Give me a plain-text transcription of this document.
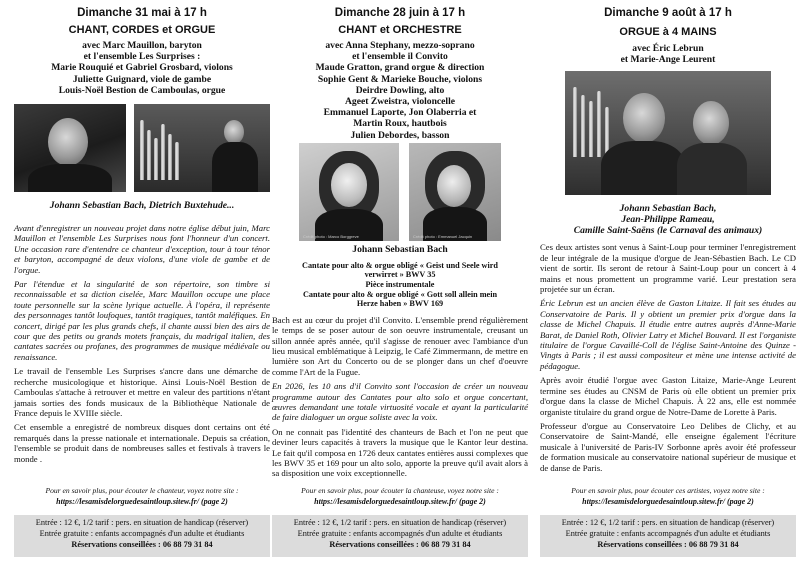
Dimanche 31 mai à 17 h
CHANT, CORDES et ORGUE
avec Marc Mauillon, baryton
et l'ensemble Les Surprises :
Marie Rouquié et Gabriel Grosbard, violons
Juliette Guignard, viole de gambe
Louis-Noël Bestion de Camboulas, orgue
Johann Sebastian Bach, Dietrich Buxtehude...

Avant d'enregistrer un nouveau projet dans notre église début juin, Marc Mauillon et l'ensemble Les Surprises nous font l'honneur d'un concert. Une occasion rare d'entendre ce chanteur d'exception, tour à tour ténor et baryton, accompagné de deux violons, d'une viole de gambe et de l'orgue.

Par l'étendue et la singularité de son répertoire, son timbre si reconnaissable et sa diction ciselée, Marc Mauillon occupe une place toute personnelle sur la scène lyrique actuelle. À l'opéra, il représente des personnages tantôt loufoques, tantôt tragiques, tantôt maléfiques. En concert, dirigé par les plus grands chefs, il chante aussi bien des airs de cour que des petits ou grands motets français, du madrigal italien, des cantates sacrées ou profanes, des programmes de musique médiévale ou renaissance.

Le travail de l'ensemble Les Surprises s'ancre dans une démarche de recherche musicologique et historique. Ainsi Louis-Noël Bestion de Camboulas s'attache à retrouver et mettre en valeur des partitions n'étant jamais sorties des fonds musicaux de la Bibliothèque Nationale de France depuis le XVIIIe siècle.

Cet ensemble a enregistré de nombreux disques dont certains ont été remarqués dans la presse nationale et internationale. Depuis sa création, l'ensemble se produit dans de nombreuses salles et festivals à travers le monde .

Pour en savoir plus, pour écouter le chanteur, voyez notre site :
https://lesamisdelorguedesaintloup.sitew.fr/ (page 2)
Entrée : 12 €, 1/2 tarif : pers. en situation de handicap (réserver)
Entrée gratuite : enfants accompagnés d'un adulte et étudiants
Réservations conseillées : 06 88 79 31 84
Dimanche 28 juin à 17 h
CHANT et ORCHESTRE
avec Anna Stephany, mezzo-soprano
et l'ensemble il Convito
Maude Gratton, grand orgue & direction
Sophie Gent & Marieke Bouche, violons
Deirdre Dowling, alto
Ageet Zweistra, violoncelle
Emmanuel Laporte, Jon Olaberria et
Martin Roux, hautbois
Julien Debordes, basson
Crédit photo : Marco Borggreve	Crédit photo : Emmanuel Jacquin
Johann Sebastian Bach
Cantate pour alto & orgue obligé « Geist und Seele wird
verwirret » BWV 35
Pièce instrumentale
Cantate pour alto & orgue obligé « Gott soll allein mein
Herze haben » BWV 169

Bach est au cœur du projet d'il Convito. L'ensemble prend régulièrement le temps de se poser autour de son oeuvre instrumentale, creusant un sillon année après année, qu'il s'agisse de renouer avec l'ambiance d'un lieu musical emblématique à Leipzig, le Café Zimmermann, de mettre en lumière son Art du Concerto ou de se plonger dans un chef d'oeuvre comme l'Art de la Fugue.

En 2026, les 10 ans d'il Convito sont l'occasion de créer un nouveau programme autour des Cantates pour alto solo et orgue concertant, œuvres demandant une totale virtuosité vocale et ayant la particularité de faire dialoguer un orgue soliste avec la voix.

On ne connait pas l'identité des chanteurs de Bach et l'on ne peut que deviner leurs capacités à travers la musique que le Kantor leur destina. Le fait qu'il composa en 1726 deux cantates entières aussi complexes que les BWV 35 et 169 pour un alto solo, apporte la preuve qu'il avait alors à sa disposition une voix exceptionnelle.

Pour en savoir plus, pour écouter la chanteuse, voyez notre site :
https://lesamisdelorguedesaintloup.sitew.fr/ (page 2)
Entrée : 12 €, 1/2 tarif : pers. en situation de handicap (réserver)
Entrée gratuite : enfants accompagnés d'un adulte et étudiants
Réservations conseillées : 06 88 79 31 84
Dimanche 9 août à 17 h
ORGUE à 4 MAINS
avec Éric Lebrun
et Marie-Ange Leurent
Johann Sebastian Bach,
Jean-Philippe Rameau,
Camille Saint-Saëns (le Carnaval des animaux)

Ces deux artistes sont venus à Saint-Loup pour terminer l'enregistrement de leur intégrale de la musique d'orgue de Jean-Sébastien Bach. Le CD vient de sortir. Ils seront de retour à Saint-Loup pour un concert à 4 mains et nous promettent un programme varié. Leur prestation sera projetée sur un écran.

Éric Lebrun est un ancien élève de Gaston Litaize. Il fait ses études au Conservatoire de Paris. Il y obtient un premier prix d'orgue dans la classe de Michel Chapuis. Il étudie entre autres auprès d'Anne-Marie Barat, de Daniel Roth, Olivier Latry et Michel Bouvard. Il est l'organiste titulaire de l'orgue Cavaillé-Coll de l'église Saint-Antoine des Quinze -Vingts à Paris ; il est aussi compositeur et mène une intense activité de pédagogue.

Après avoir étudié l'orgue avec Gaston Litaize, Marie-Ange Leurent termine ses études au CNSM de Paris où elle obtient un premier prix d'orgue dans la classe de Michel Chapuis. À 22 ans, elle est nommée organiste titulaire du grand orgue de Notre-Dame de Lorette à Paris.

Professeur d'orgue au Conservatoire Leo Delibes de Clichy, et au Conservatoire de Saint-Mandé, elle enseigne également l'écriture musicale à l'université de Paris-IV Sorbonne après avoir été professeur de formation musicale au conservatoire national supérieur de musique et de danse de Paris.

Pour en savoir plus, pour écouter ces artistes, voyez notre site :
https://lesamisdelorguedesaintloup.sitew.fr/ (page 2)
Entrée : 12 €, 1/2 tarif : pers. en situation de handicap (réserver)
Entrée gratuite : enfants accompagnés d'un adulte et étudiants
Réservations conseillées : 06 88 79 31 84
